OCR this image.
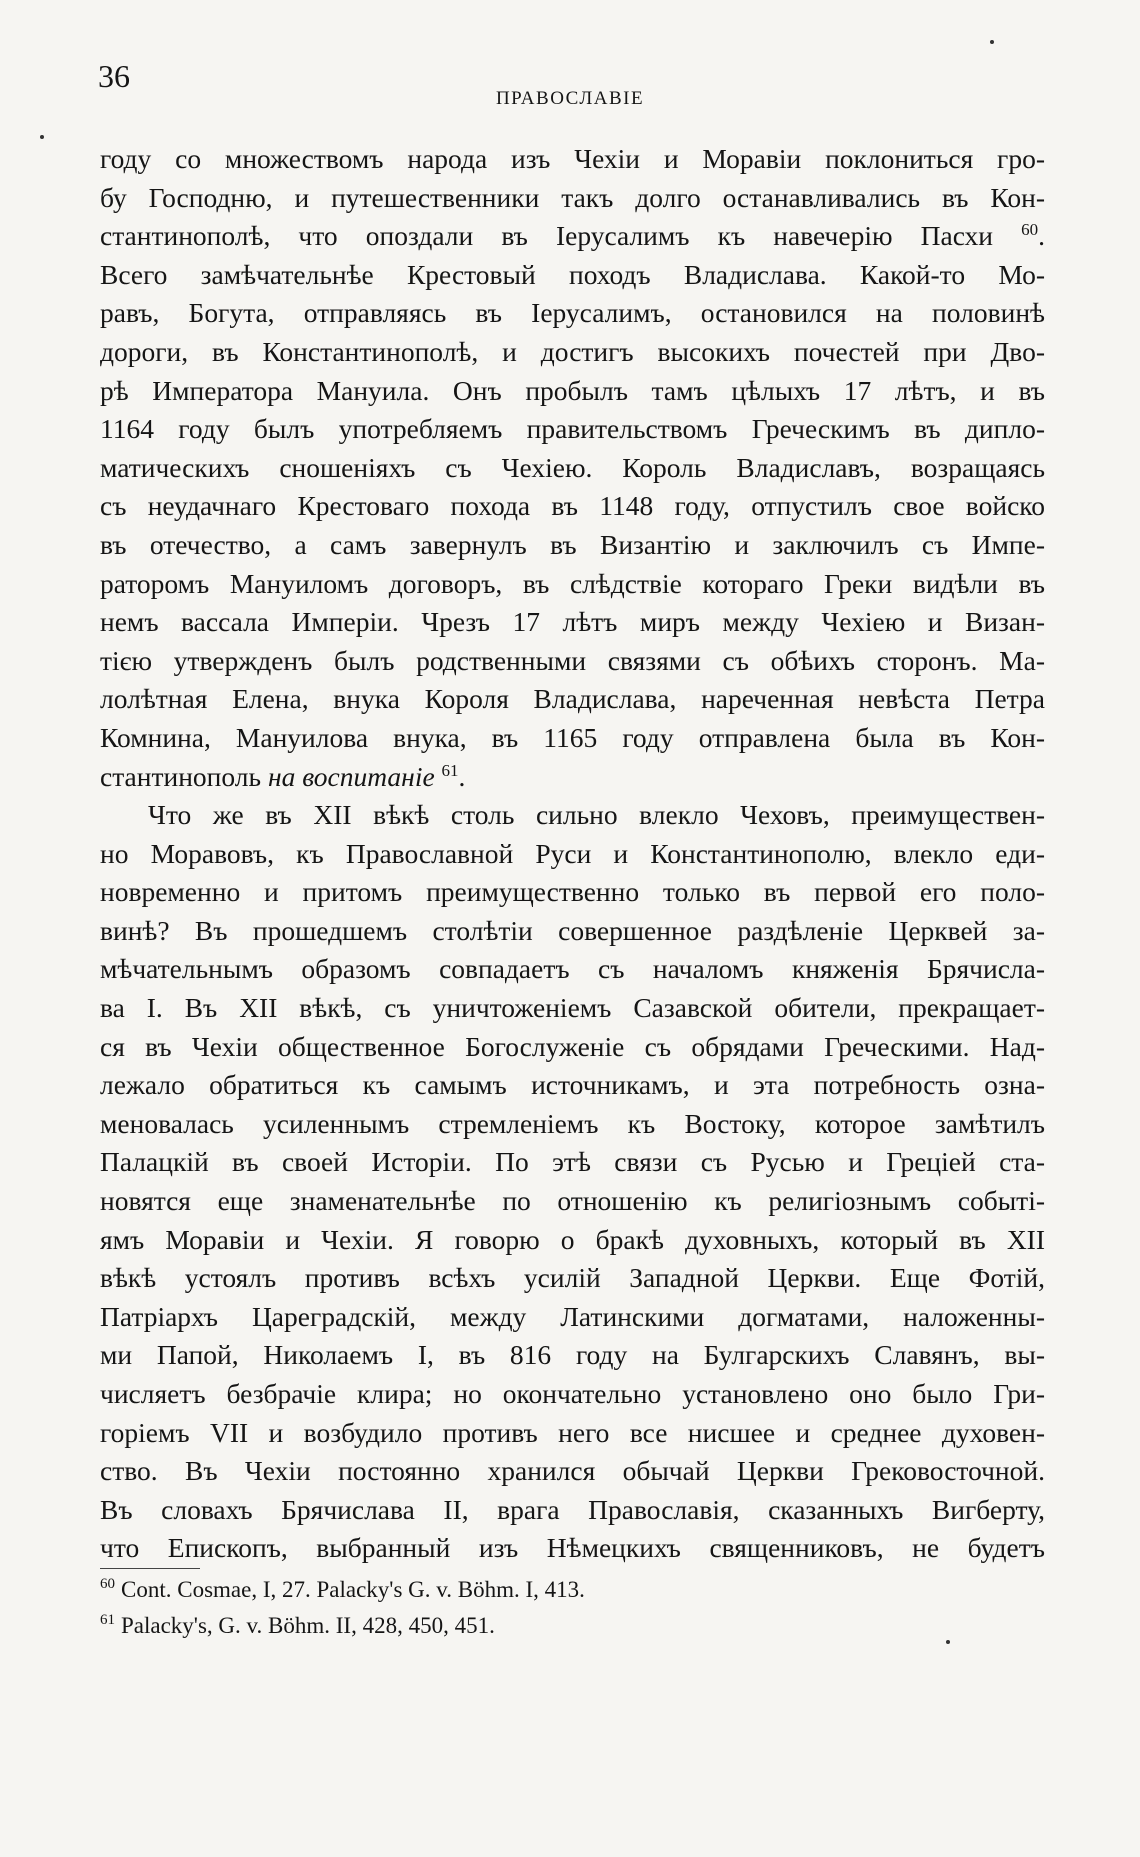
36
ПРАВОСЛАВІЕ
году со множествомъ народа изъ Чехіи и Моравіи поклониться гро-
бу Господню, и путешественники такъ долго останавливались въ Кон-
стантинополѣ, что опоздали въ Іерусалимъ къ навечерію Пасхи $^{60}$.
Всего замѣчательнѣе Крестовый походъ Владислава. Какой-то Мо-
равъ, Богута, отправляясь въ Іерусалимъ, остановился на половинѣ
дороги, въ Константинополѣ, и достигъ высокихъ почестей при Дво-
рѣ Императора Мануила. Онъ пробылъ тамъ цѣлыхъ 17 лѣтъ, и въ
1164 году былъ употребляемъ правительствомъ Греческимъ въ дипло-
матическихъ сношеніяхъ съ Чехіею. Король Владиславъ, возращаясь
съ неудачнаго Крестоваго похода въ 1148 году, отпустилъ свое войско
въ отечество, а самъ завернулъ въ Византію и заключилъ съ Импе-
раторомъ Мануиломъ договоръ, въ слѣдствіе котораго Греки видѣли въ
немъ вассала Имперіи. Чрезъ 17 лѣтъ миръ между Чехіею и Визан-
тією утвержденъ былъ родственными связями съ обѣихъ сторонъ. Ма-
лолѣтная Елена, внука Короля Владислава, нареченная невѣста Петра
Комнина, Мануилова внука, въ 1165 году отправлена была въ Кон-
стантинополь на воспитаніе $^{61}$.
Что же въ XII вѣкѣ столь сильно влекло Чеховъ, преимуществен-
но Моравовъ, къ Православной Руси и Константинополю, влекло еди-
новременно и притомъ преимущественно только въ первой его поло-
винѣ? Въ прошедшемъ столѣтіи совершенное раздѣленіе Церквей за-
мѣчательнымъ образомъ совпадаетъ съ началомъ княженія Брячисла-
ва I. Въ XII вѣкѣ, съ уничтоженіемъ Сазавской обители, прекращает-
ся въ Чехіи общественное Богослуженіе съ обрядами Греческими. Над-
лежало обратиться къ самымъ источникамъ, и эта потребность озна-
меновалась усиленнымъ стремленіемъ къ Востоку, которое замѣтилъ
Палацкій въ своей Исторіи. По этѣ связи съ Русью и Греціей ста-
новятся еще знаменательнѣе по отношенію къ религіознымъ событі-
ямъ Моравіи и Чехіи. Я говорю о бракѣ духовныхъ, который въ XII
вѣкѣ устоялъ противъ всѣхъ усилій Западной Церкви. Еще Фотій,
Патріархъ Цареградскій, между Латинскими догматами, наложенны-
ми Папой, Николаемъ I, въ 816 году на Булгарскихъ Славянъ, вы-
числяетъ безбрачіе клира; но окончательно установлено оно было Гри-
горіемъ VII и возбудило противъ него все нисшее и среднее духовен-
ство. Въ Чехіи постоянно хранился обычай Церкви Грековосточной.
Въ словахъ Брячислава II, врага Православія, сказанныхъ Вигберту,
что Епископъ, выбранный изъ Нѣмецкихъ священниковъ, не будетъ
$^{60}$ Cont. Cosmae, I, 27. Palacky's G. v. Böhm. I, 413.
$^{61}$ Palacky's, G. v. Böhm. II, 428, 450, 451.
